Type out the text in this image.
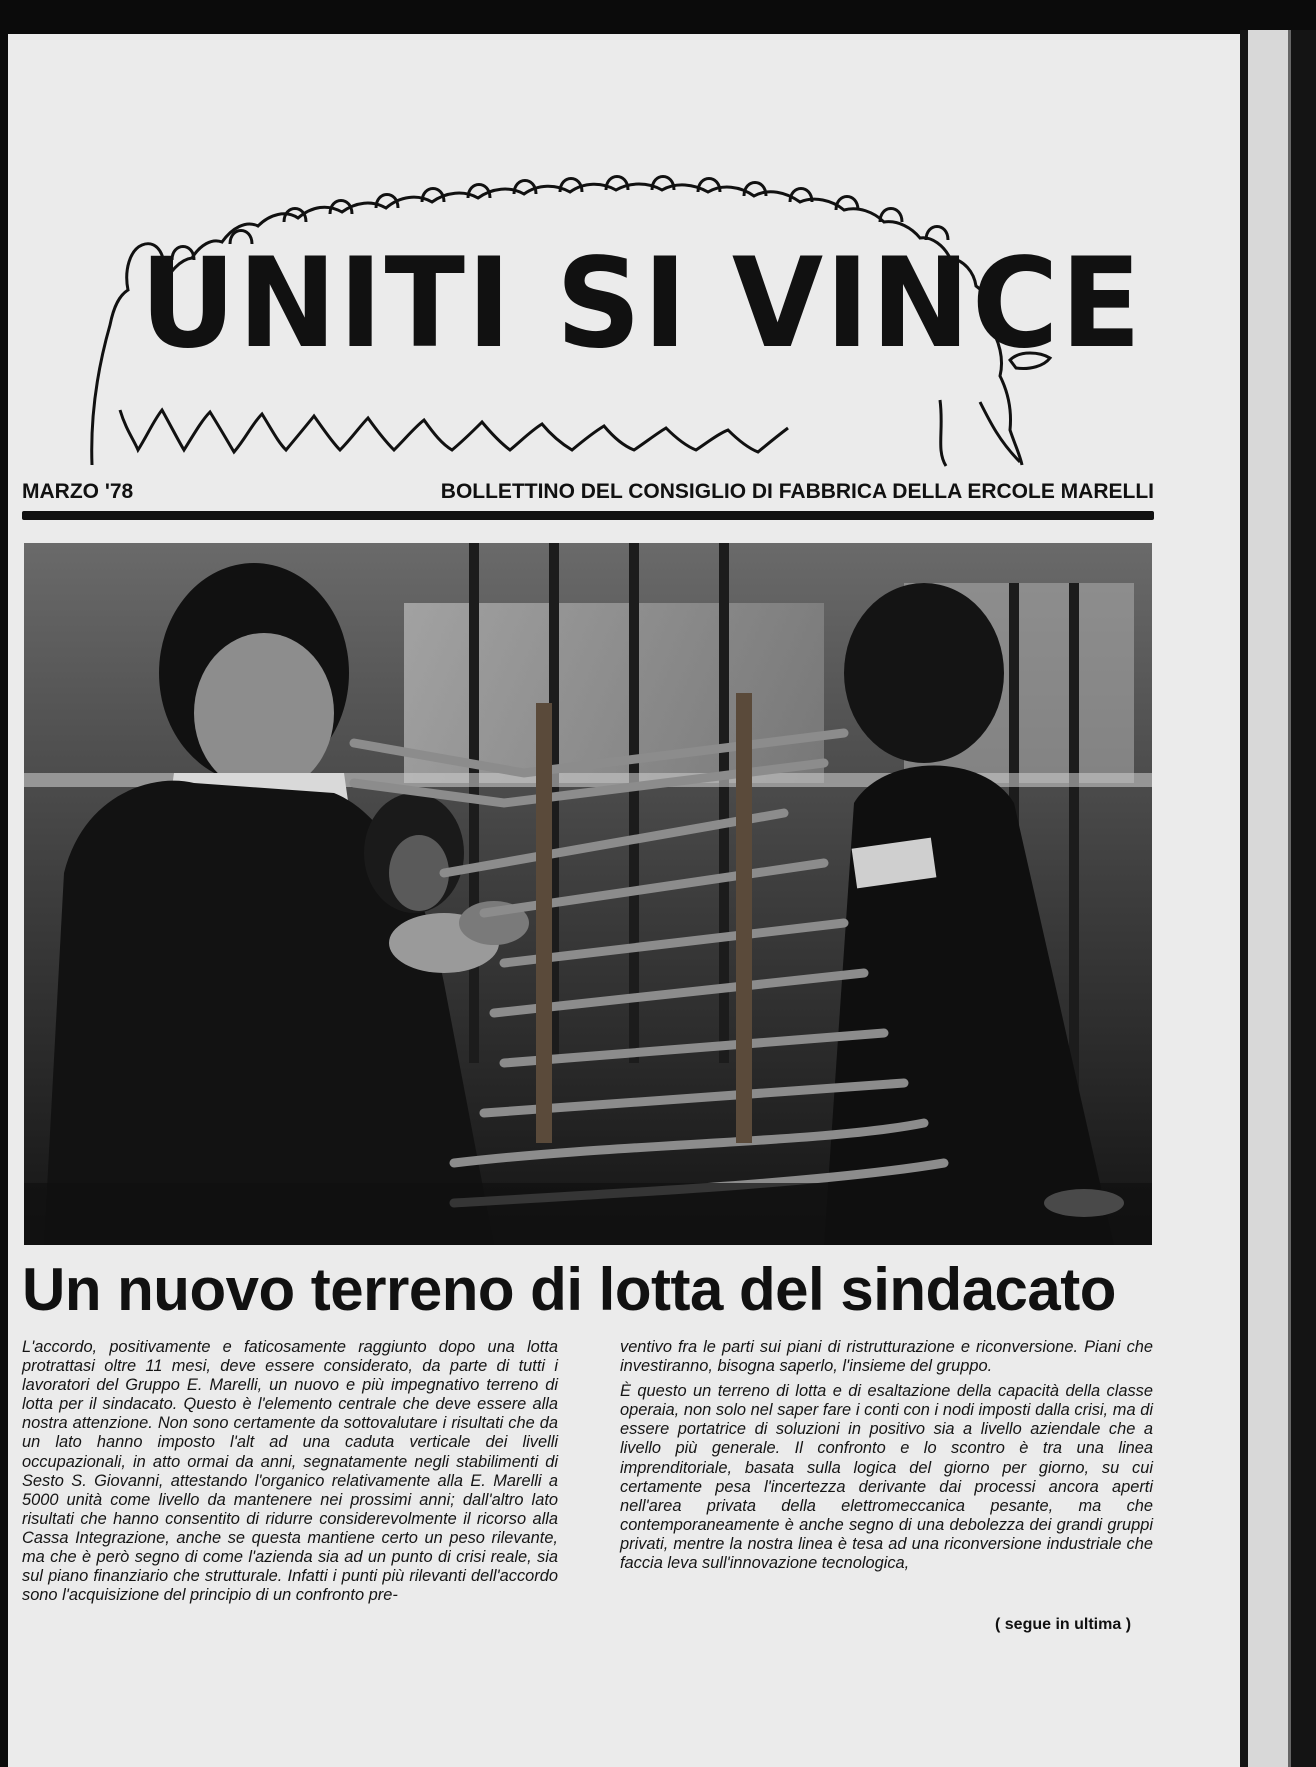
UNITI SI VINCE
MARZO '78	BOLLETTINO DEL CONSIGLIO DI FABBRICA DELLA ERCOLE MARELLI
Un nuovo terreno di lotta del sindacato

L'accordo, positivamente e faticosamente raggiunto dopo una lotta protrattasi oltre 11 mesi, deve essere considerato, da parte di tutti i lavoratori del Gruppo E. Marelli, un nuovo e più impegnativo terreno di lotta per il sindacato. Questo è l'elemento centrale che deve essere alla nostra attenzione. Non sono certamente da sottovalutare i risultati che da un lato hanno imposto l'alt ad una caduta verticale dei livelli occupazionali, in atto ormai da anni, segnatamente negli stabilimenti di Sesto S. Giovanni, attestando l'organico relativamente alla E. Marelli a 5000 unità come livello da mantenere nei prossimi anni; dall'altro lato risultati che hanno consentito di ridurre considerevolmente il ricorso alla Cassa Integrazione, anche se questa mantiene certo un peso rilevante, ma che è però segno di come l'azienda sia ad un punto di crisi reale, sia sul piano finanziario che strutturale. Infatti i punti più rilevanti dell'accordo sono l'acquisizione del principio di un confronto pre-

ventivo fra le parti sui piani di ristrutturazione e riconversione. Piani che investiranno, bisogna saperlo, l'insieme del gruppo.

È questo un terreno di lotta e di esaltazione della capacità della classe operaia, non solo nel saper fare i conti con i nodi imposti dalla crisi, ma di essere portatrice di soluzioni in positivo sia a livello aziendale che a livello più generale. Il confronto e lo scontro è tra una linea imprenditoriale, basata sulla logica del giorno per giorno, su cui certamente pesa l'incertezza derivante dai processi ancora aperti nell'area privata della elettromeccanica pesante, ma che contemporaneamente è anche segno di una debolezza dei grandi gruppi privati, mentre la nostra linea è tesa ad una riconversione industriale che faccia leva sull'innovazione tecnologica,

( segue in ultima )
